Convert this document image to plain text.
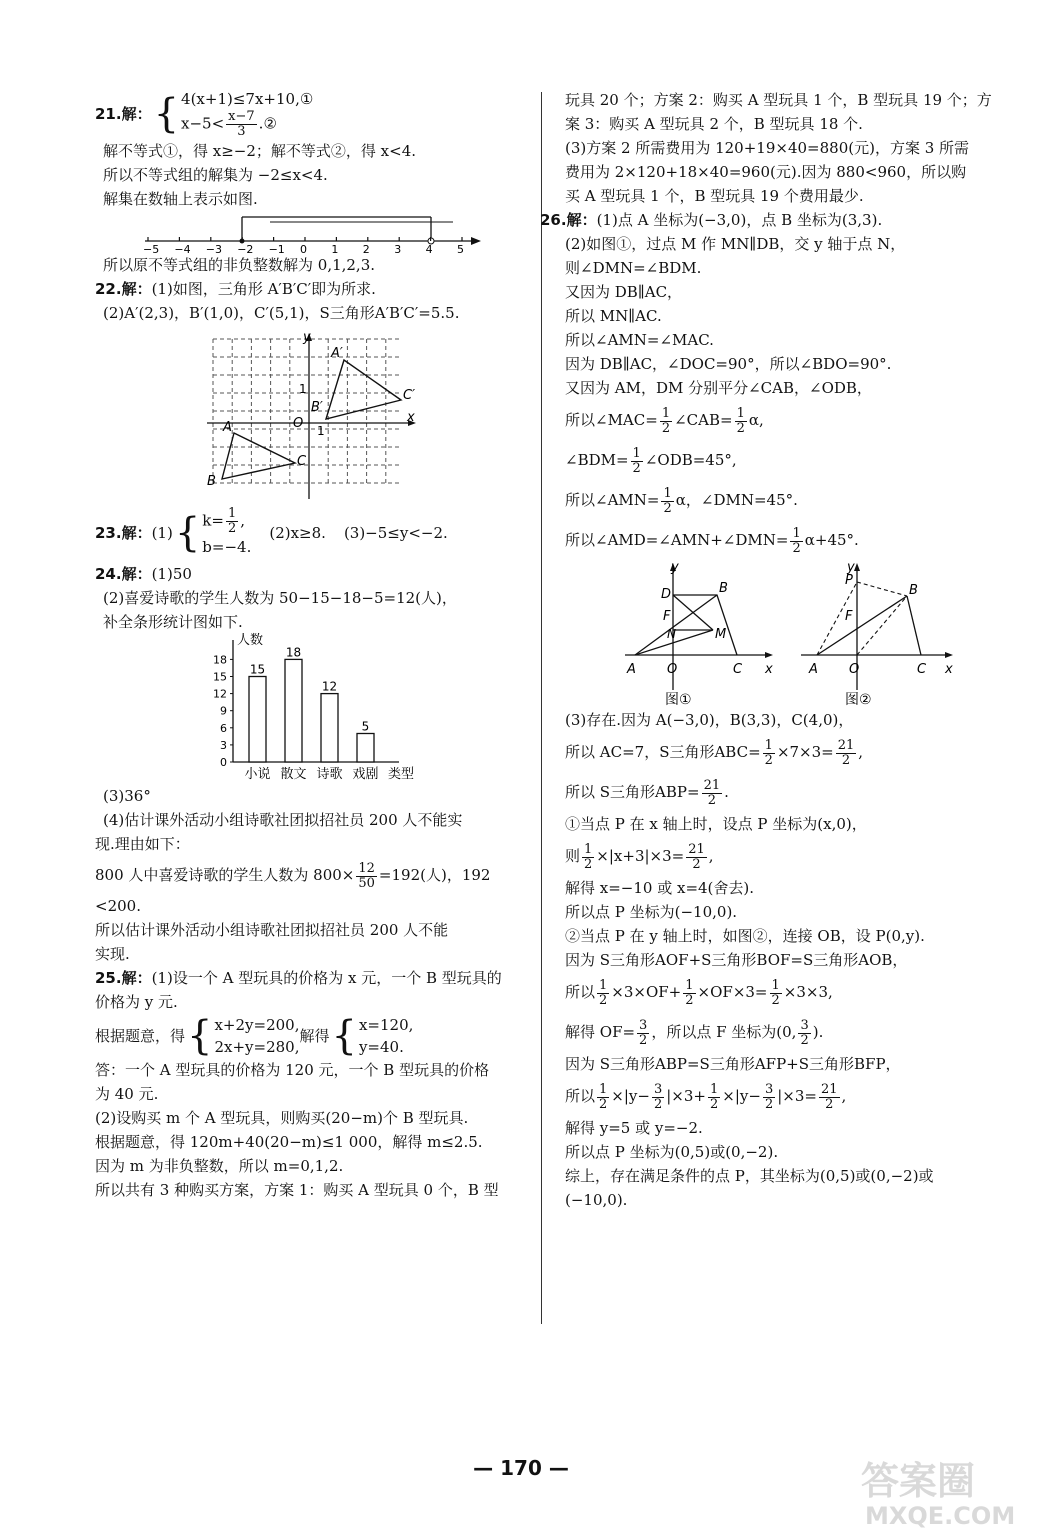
21.解： { 4(x+1)≤7x+10,①
$x-5< \frac{x-7}{3}$ .②

解不等式①，得 x≥−2；解不等式②，得 x<4.

所以不等式组的解集为 −2≤x<4.

解集在数轴上表示如图.

−5 −4 −3 −2 −1 0 1 2 3 4 5

所以原不等式组的非负整数解为 0,1,2,3.

22.解：(1)如图，三角形 A′B′C′即为所求.

(2)A′(2,3)，B′(1,0)，C′(5,1)，S三角形A′B′C′=5.5.

y
x
O
1
1
A
B
C
A′
B′
C′
23.解： (1) { $k= \frac{1}{2}$ ,
b=−4.
(2)x≥8. (3)−5≤y<−2.

24.解：(1)50

(2)喜爱诗歌的学生人数为 50−15−18−5=12(人)，

补全条形统计图如下.

人数
0
3
6
9
12
15
18
15
小说
18
散文
12
诗歌
5
戏剧 类型

(3)36°

(4)估计课外活动小组诗歌社团拟招社员 200 人不能实

现.理由如下：

800 人中喜爱诗歌的学生人数为 $800\times \frac{12}{50} =192$(人)，192

<200.

所以估计课外活动小组诗歌社团拟招社员 200 人不能

实现.

25.解：(1)设一个 A 型玩具的价格为 x 元，一个 B 型玩具的

价格为 y 元.

根据题意，得 { x+2y=200,
2x+y=280,
解得 { x=120,
y=40.

答：一个 A 型玩具的价格为 120 元，一个 B 型玩具的价格

为 40 元.

(2)设购买 m 个 A 型玩具，则购买(20−m)个 B 型玩具.

根据题意，得 120m+40(20−m)≤1 000，解得 m≤2.5.

因为 m 为非负整数，所以 m=0,1,2.

所以共有 3 种购买方案，方案 1：购买 A 型玩具 0 个，B 型

玩具 20 个；方案 2：购买 A 型玩具 1 个，B 型玩具 19 个；方

案 3：购买 A 型玩具 2 个，B 型玩具 18 个.

(3)方案 2 所需费用为 120+19×40=880(元)，方案 3 所需

费用为 2×120+18×40=960(元).因为 880<960，所以购

买 A 型玩具 1 个，B 型玩具 19 个费用最少.

26.解：(1)点 A 坐标为(−3,0)，点 B 坐标为(3,3).

(2)如图①，过点 M 作 MN∥DB，交 y 轴于点 N，

则∠DMN=∠BDM.

又因为 DB∥AC，

所以 MN∥AC.

所以∠AMN=∠MAC.

因为 DB∥AC，∠DOC=90°，所以∠BDO=90°.

又因为 AM，DM 分别平分∠CAB，∠ODB，

所以∠MAC= $\frac{1}{2}$ ∠CAB= $\frac{1}{2} \alpha$,

∠BDM= $\frac{1}{2}$ ∠ODB=45°,

所以∠AMN= $\frac{1}{2}$ α，∠DMN=45°.

所以∠AMD=∠AMN+∠DMN= $\frac{1}{2} \alpha+45^\circ$.

y
x
A O	C
D	B
F
N	M
图①
y
x
A O	C
P
B
F
图②

(3)存在.因为 A(−3,0)，B(3,3)，C(4,0)，

所以 AC=7，S三角形$ABC= \frac{1}{2} \times 7\times 3= \frac{21}{2}$ ,

所以 S三角形$ABP= \frac{21}{2}$ .

①当点 P 在 x 轴上时，设点 P 坐标为(x,0)，

则 $\frac{1}{2} \times|x+3|\times 3= \frac{21}{2}$ ,

解得 x=−10 或 x=4(舍去).

所以点 P 坐标为(−10,0).

②当点 P 在 y 轴上时，如图②，连接 OB，设 P(0,y).

因为 S三角形AOF+S三角形BOF=S三角形AOB，

所以 $\frac{1}{2} \times 3\times OF+ \frac{1}{2} \times OF\times 3= \frac{1}{2} \times 3\times 3$,

解得 $OF= \frac{3}{2}$ ，所以点 F 坐标为(0, $\frac{3}{2}$ ).

因为 S三角形ABP=S三角形AFP+S三角形BFP，

所以 $\frac{1}{2} \times|y- \frac{3}{2} |\times 3+ \frac{1}{2} \times|y- \frac{3}{2} |\times 3= \frac{21}{2}$ ,

解得 y=5 或 y=−2.

所以点 P 坐标为(0,5)或(0,−2).

综上，存在满足条件的点 P，其坐标为(0,5)或(0,−2)或

(−10,0).

— 170 —	答案圈
MXQE.COM
